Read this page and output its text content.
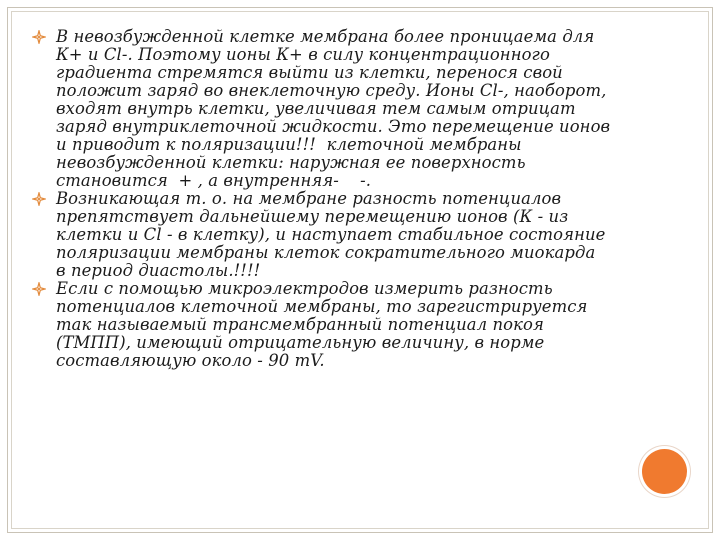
В невозбужденной клетке мембрана более проницаема для
К+ и Cl-. Поэтому ионы К+ в силу концентрационного
градиента стремятся выйти из клетки, перенося свой
положит заряд во внеклеточную среду. Ионы Cl-, наоборот,
входят внутрь клетки, увеличивая тем самым отрицат
заряд внутриклеточной жидкости. Это перемещение ионов
и приводит к поляризации!!!  клеточной мембраны
невозбужденной клетки: наружная ее поверхность
становится  + , а внутренняя-    -.
Возникающая т. о. на мембране разность потенциалов
препятствует дальнейшему перемещению ионов (К - из
клетки и Cl - в клетку), и наступает стабильное состояние
поляризации мембраны клеток сократительного миокарда
в период диастолы.!!!!
Если с помощью микроэлектродов измерить разность
потенциалов клеточной мембраны, то зарегистрируется
так называемый трансмембранный потенциал покоя
(ТМПП), имеющий отрицательную величину, в норме
составляющую около - 90 mV.
